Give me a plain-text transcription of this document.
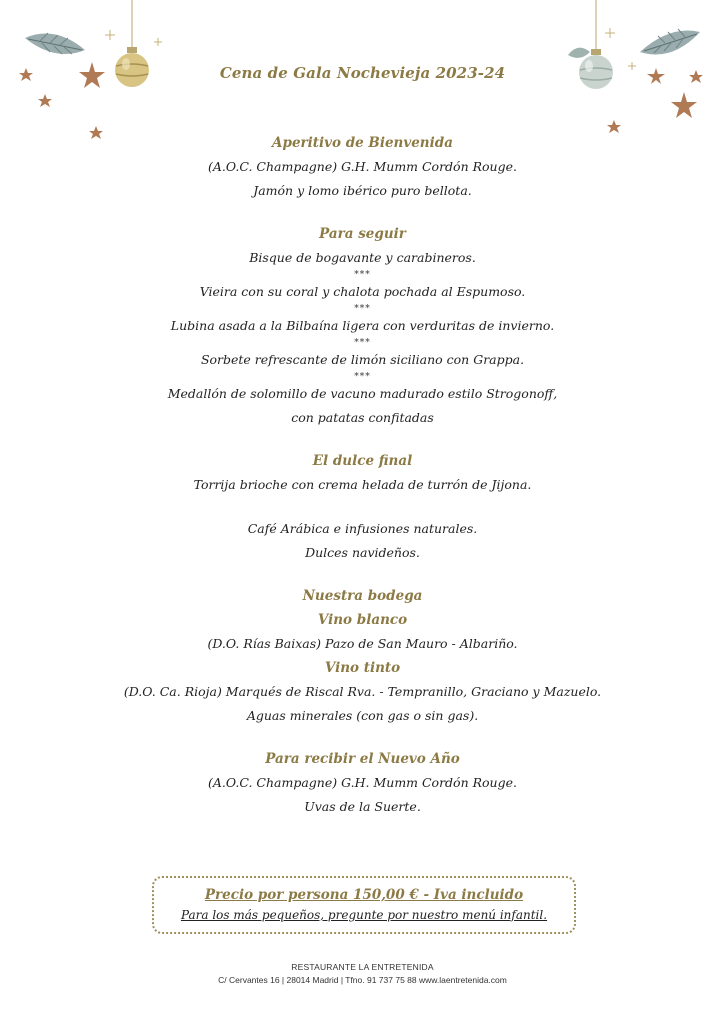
Cena de Gala Nochevieja 2023-24
Aperitivo de Bienvenida
(A.O.C. Champagne) G.H. Mumm Cordón Rouge.
Jamón y lomo ibérico puro bellota.
Para seguir
Bisque de bogavante y carabineros.
***
Vieira con su coral y chalota pochada al Espumoso.
***
Lubina asada a la Bilbaína ligera con verduritas de invierno.
***
Sorbete refrescante de limón siciliano con Grappa.
***
Medallón de solomillo de vacuno madurado estilo Strogonoff,
con patatas confitadas
El dulce final
Torrija brioche con crema helada de turrón de Jijona.
Café Arábica e infusiones naturales.
Dulces navideños.
Nuestra bodega
Vino blanco
(D.O. Rías Baixas) Pazo de San Mauro - Albariño.
Vino tinto
(D.O. Ca. Rioja) Marqués de Riscal Rva. - Tempranillo, Graciano y Mazuelo.
Aguas minerales (con gas o sin gas).
Para recibir el Nuevo Año
(A.O.C. Champagne) G.H. Mumm Cordón Rouge.
Uvas de la Suerte.
Precio por persona 150,00 € - Iva incluido
Para los más pequeños, pregunte por nuestro menú infantil.
RESTAURANTE LA ENTRETENIDA
C/ Cervantes 16 | 28014 Madrid | Tfno. 91 737 75 88 www.laentretenida.com
